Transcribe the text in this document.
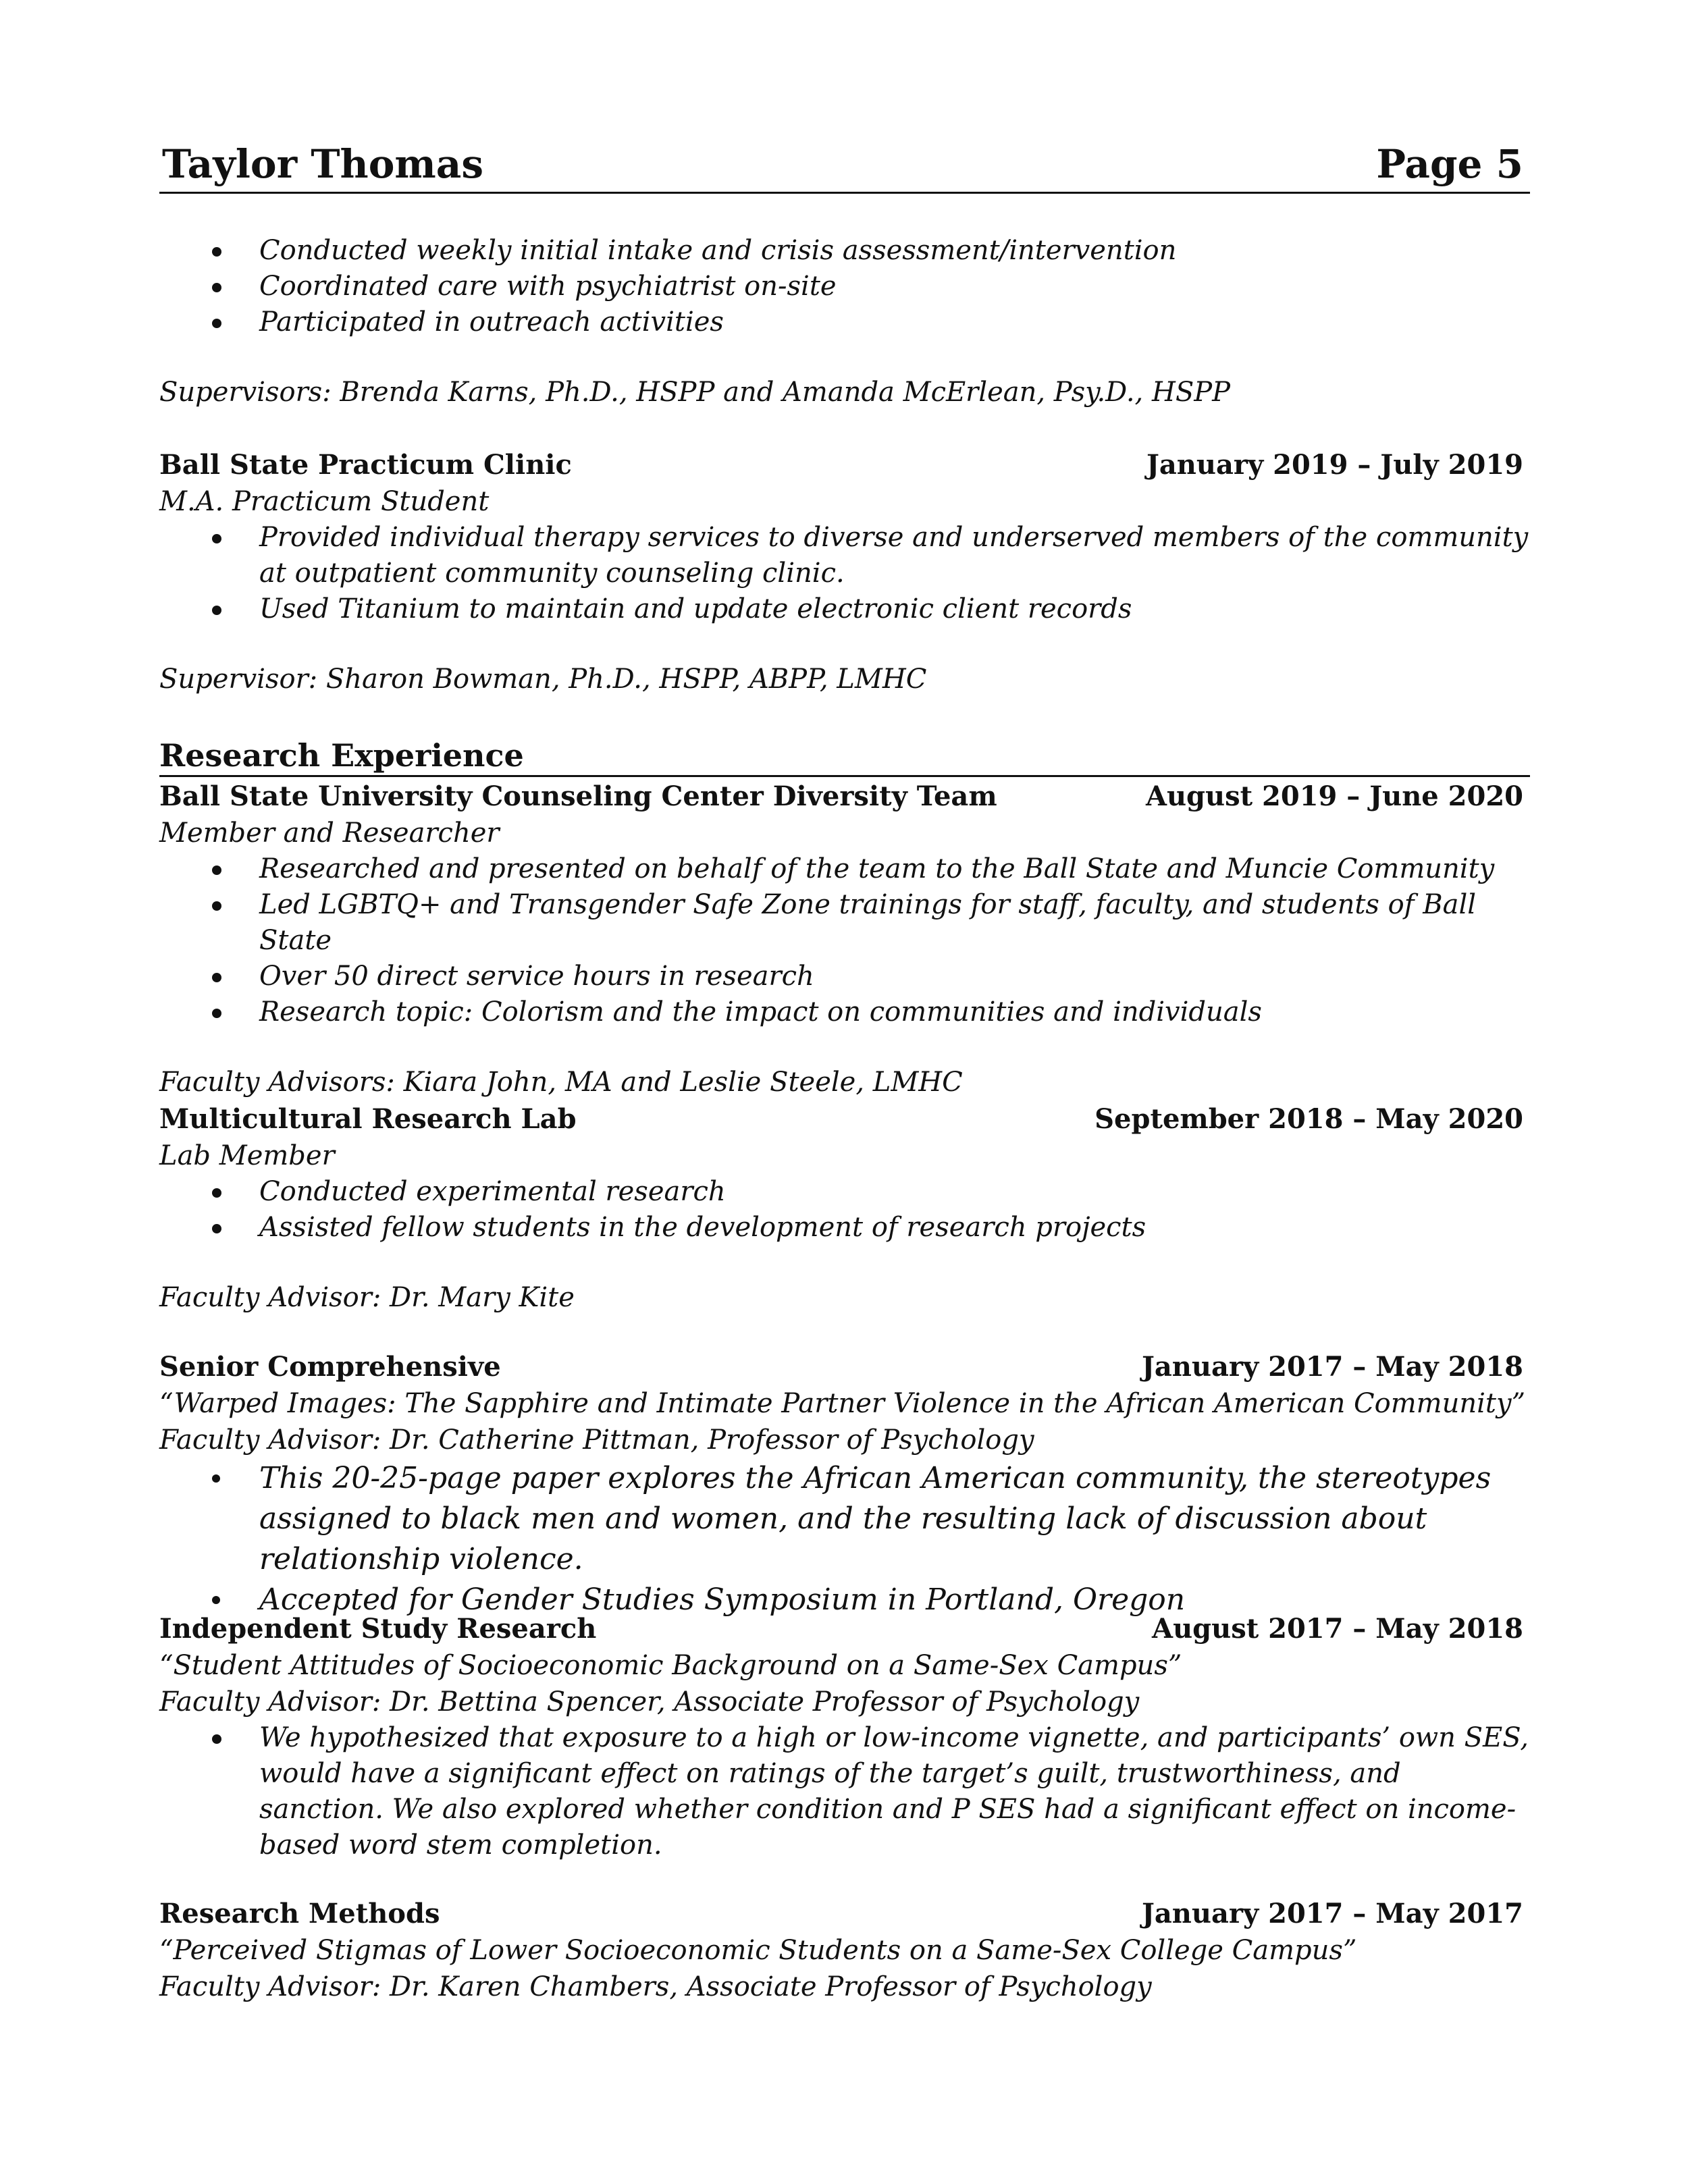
Taylor Thomas	Page 5
Conducted weekly initial intake and crisis assessment/intervention
Coordinated care with psychiatrist on-site
Participated in outreach activities
Supervisors: Brenda Karns, Ph.D., HSPP and Amanda McErlean, Psy.D., HSPP
Ball State Practicum Clinic	January 2019 – July 2019
M.A. Practicum Student
Provided individual therapy services to diverse and underserved members of the community at outpatient community counseling clinic.
Used Titanium to maintain and update electronic client records
Supervisor: Sharon Bowman, Ph.D., HSPP, ABPP, LMHC
Research Experience
Ball State University Counseling Center Diversity Team	August 2019 – June 2020
Member and Researcher
Researched and presented on behalf of the team to the Ball State and Muncie Community
Led LGBTQ+ and Transgender Safe Zone trainings for staff, faculty, and students of Ball State
Over 50 direct service hours in research
Research topic: Colorism and the impact on communities and individuals
Faculty Advisors: Kiara John, MA and Leslie Steele, LMHC
Multicultural Research Lab	September 2018 – May 2020
Lab Member
Conducted experimental research
Assisted fellow students in the development of research projects
Faculty Advisor: Dr. Mary Kite
Senior Comprehensive	January 2017 – May 2018
“Warped Images: The Sapphire and Intimate Partner Violence in the African American Community”
Faculty Advisor: Dr. Catherine Pittman, Professor of Psychology
This 20-25-page paper explores the African American community, the stereotypes assigned to black men and women, and the resulting lack of discussion about relationship violence.
Accepted for Gender Studies Symposium in Portland, Oregon
Independent Study Research	August 2017 – May 2018
“Student Attitudes of Socioeconomic Background on a Same-Sex Campus”
Faculty Advisor: Dr. Bettina Spencer, Associate Professor of Psychology
We hypothesized that exposure to a high or low-income vignette, and participants’ own SES, would have a significant effect on ratings of the target’s guilt, trustworthiness, and sanction. We also explored whether condition and P SES had a significant effect on income-based word stem completion.
Research Methods	January 2017 – May 2017
“Perceived Stigmas of Lower Socioeconomic Students on a Same-Sex College Campus”
Faculty Advisor: Dr. Karen Chambers, Associate Professor of Psychology
